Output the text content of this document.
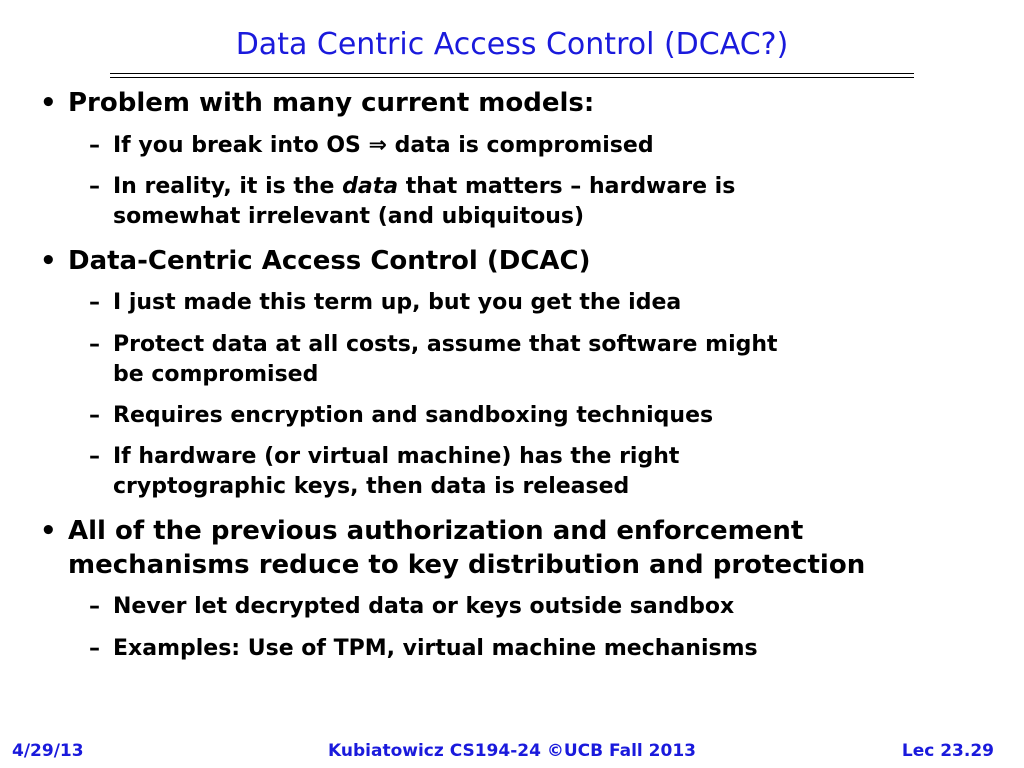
Data Centric Access Control (DCAC?)
• Problem with many current models:
– If you break into OS ⇒ data is compromised
– In reality, it is the data that matters – hardware is
somewhat irrelevant (and ubiquitous)
• Data-Centric Access Control (DCAC)
– I just made this term up, but you get the idea
– Protect data at all costs, assume that software might
be compromised
– Requires encryption and sandboxing techniques
– If hardware (or virtual machine) has the right
cryptographic keys, then data is released
• All of the previous authorization and enforcement
mechanisms reduce to key distribution and protection
– Never let decrypted data or keys outside sandbox
– Examples: Use of TPM, virtual machine mechanisms
4/29/13	Kubiatowicz CS194-24 ©UCB Fall 2013	Lec 23.29
